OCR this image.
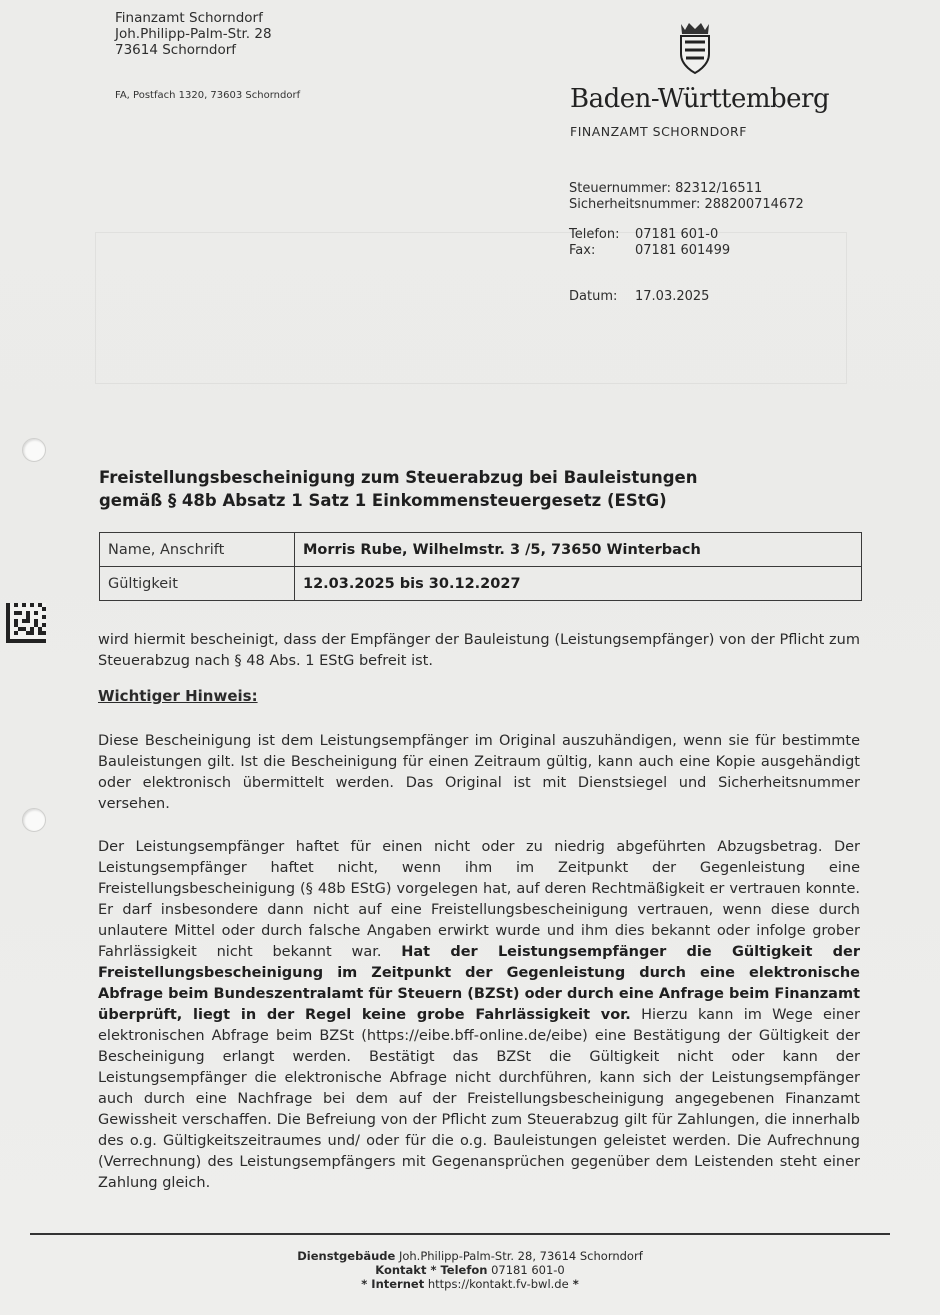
Finanzamt Schorndorf
Joh.Philipp-Palm-Str. 28
73614 Schorndorf
FA, Postfach 1320, 73603 Schorndorf	Baden-Württemberg
FINANZAMT SCHORNDORF
Steuernummer: 82312/16511
Sicherheitsnummer: 288200714672
Telefon: 07181 601-0
Fax:	07181 601499
Datum: 17.03.2025
Freistellungsbescheinigung zum Steuerabzug bei Bauleistungen
gemäß § 48b Absatz 1 Satz 1 Einkommensteuergesetz (EStG)
Name, Anschrift	Morris Rube, Wilhelmstr. 3 /5, 73650 Winterbach
Gültigkeit	12.03.2025 bis 30.12.2027
wird hiermit bescheinigt, dass der Empfänger der Bauleistung (Leistungsempfänger) von der Pflicht zum Steuerabzug nach § 48 Abs. 1 EStG befreit ist.
Wichtiger Hinweis:
Diese Bescheinigung ist dem Leistungsempfänger im Original auszuhändigen, wenn sie für bestimmte Bauleistungen gilt. Ist die Bescheinigung für einen Zeitraum gültig, kann auch eine Kopie ausgehändigt oder elektronisch übermittelt werden. Das Original ist mit Dienstsiegel und Sicherheitsnummer versehen.
Der Leistungsempfänger haftet für einen nicht oder zu niedrig abgeführten Abzugsbetrag. Der Leistungsempfänger haftet nicht, wenn ihm im Zeitpunkt der Gegenleistung eine Freistellungsbescheinigung (§ 48b EStG) vorgelegen hat, auf deren Rechtmäßigkeit er vertrauen konnte. Er darf insbesondere dann nicht auf eine Freistellungsbescheinigung vertrauen, wenn diese durch unlautere Mittel oder durch falsche Angaben erwirkt wurde und ihm dies bekannt oder infolge grober Fahrlässigkeit nicht bekannt war. Hat der Leistungsempfänger die Gültigkeit der Freistellungsbescheinigung im Zeitpunkt der Gegenleistung durch eine elektronische Abfrage beim Bundeszentralamt für Steuern (BZSt) oder durch eine Anfrage beim Finanzamt überprüft, liegt in der Regel keine grobe Fahrlässigkeit vor. Hierzu kann im Wege einer elektronischen Abfrage beim BZSt (https://eibe.bff-online.de/eibe) eine Bestätigung der Gültigkeit der Bescheinigung erlangt werden. Bestätigt das BZSt die Gültigkeit nicht oder kann der Leistungsempfänger die elektronische Abfrage nicht durchführen, kann sich der Leistungsempfänger auch durch eine Nachfrage bei dem auf der Freistellungsbescheinigung angegebenen Finanzamt Gewissheit verschaffen. Die Befreiung von der Pflicht zum Steuerabzug gilt für Zahlungen, die innerhalb des o.g. Gültigkeitszeitraumes und/ oder für die o.g. Bauleistungen geleistet werden. Die Aufrechnung (Verrechnung) des Leistungsempfängers mit Gegenansprüchen gegenüber dem Leistenden steht einer Zahlung gleich.
Dienstgebäude Joh.Philipp-Palm-Str. 28, 73614 Schorndorf
Kontakt * Telefon 07181 601-0
* Internet https://kontakt.fv-bwl.de *
